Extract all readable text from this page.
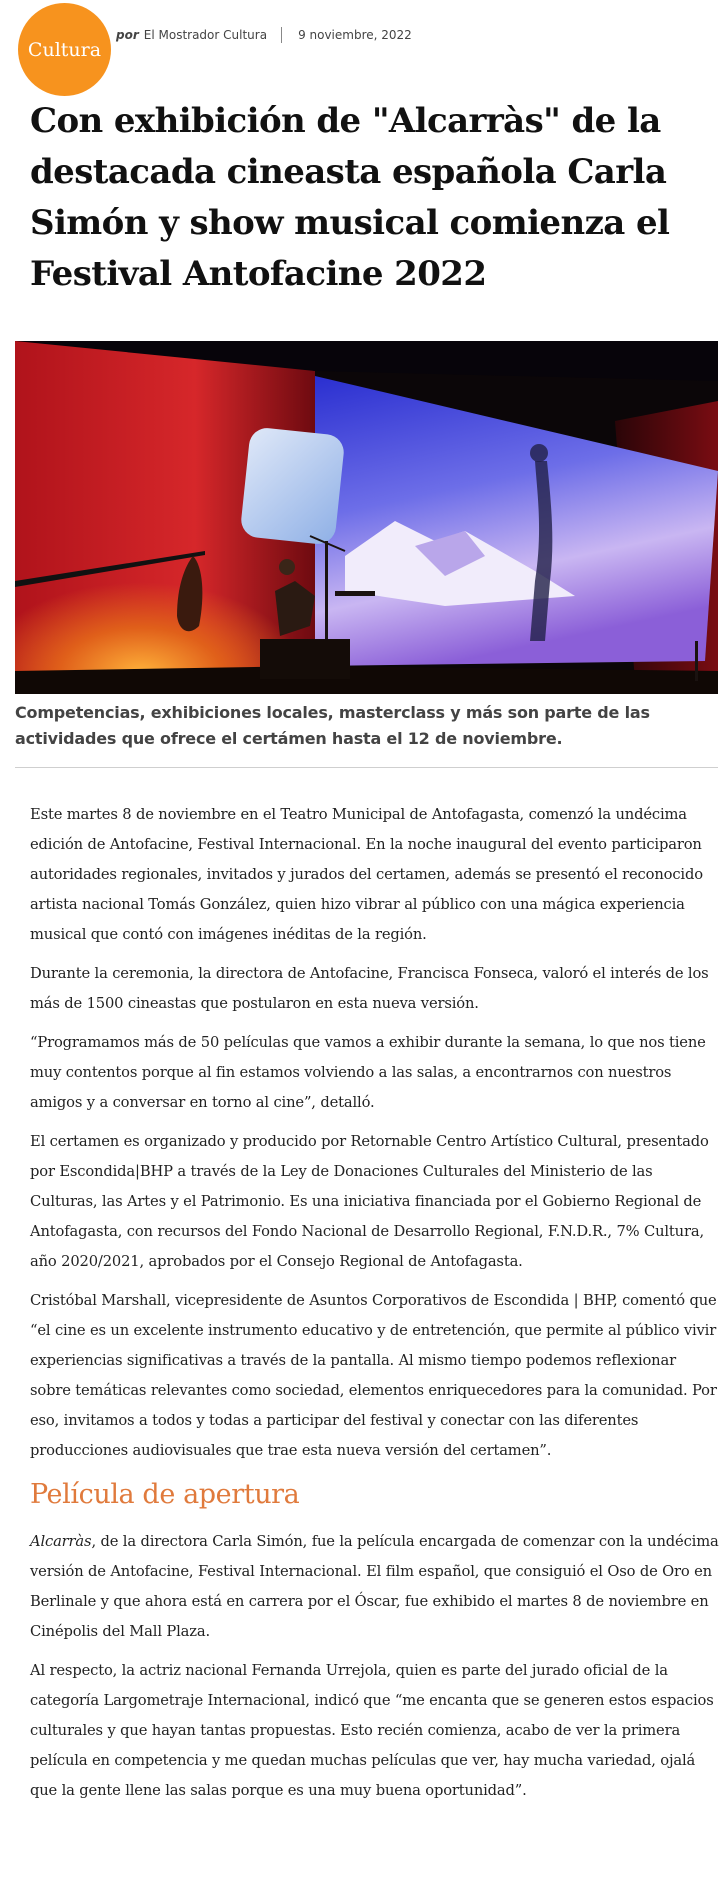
Cultura
por El Mostrador Cultura	9 noviembre, 2022
Con exhibición de "Alcarràs" de la destacada cineasta española Carla Simón y show musical comienza el Festival Antofacine 2022

Competencias, exhibiciones locales, masterclass y más son parte de las actividades que ofrece el certámen hasta el 12 de noviembre.

Este martes 8 de noviembre en el Teatro Municipal de Antofagasta, comenzó la undécima edición de Antofacine, Festival Internacional. En la noche inaugural del evento participaron autoridades regionales, invitados y jurados del certamen, además se presentó el reconocido artista nacional Tomás González, quien hizo vibrar al público con una mágica experiencia musical que contó con imágenes inéditas de la región.

Durante la ceremonia, la directora de Antofacine, Francisca Fonseca, valoró el interés de los más de 1500 cineastas que postularon en esta nueva versión.

“Programamos más de 50 películas que vamos a exhibir durante la semana, lo que nos tiene muy contentos porque al fin estamos volviendo a las salas, a encontrarnos con nuestros amigos y a conversar en torno al cine”, detalló.

El certamen es organizado y producido por Retornable Centro Artístico Cultural, presentado por Escondida|BHP a través de la Ley de Donaciones Culturales del Ministerio de las Culturas, las Artes y el Patrimonio. Es una iniciativa financiada por el Gobierno Regional de Antofagasta, con recursos del Fondo Nacional de Desarrollo Regional, F.N.D.R., 7% Cultura, año 2020/2021, aprobados por el Consejo Regional de Antofagasta.

Cristóbal Marshall, vicepresidente de Asuntos Corporativos de Escondida | BHP, comentó que “el cine es un excelente instrumento educativo y de entretención, que permite al público vivir experiencias significativas a través de la pantalla. Al mismo tiempo podemos reflexionar sobre temáticas relevantes como sociedad, elementos enriquecedores para la comunidad. Por eso, invitamos a todos y todas a participar del festival y conectar con las diferentes producciones audiovisuales que trae esta nueva versión del certamen”.

Película de apertura

Alcarràs, de la directora Carla Simón, fue la película encargada de comenzar con la undécima versión de Antofacine, Festival Internacional. El film español, que consiguió el Oso de Oro en Berlinale y que ahora está en carrera por el Óscar, fue exhibido el martes 8 de noviembre en Cinépolis del Mall Plaza.

Al respecto, la actriz nacional Fernanda Urrejola, quien es parte del jurado oficial de la categoría Largometraje Internacional, indicó que “me encanta que se generen estos espacios culturales y que hayan tantas propuestas. Esto recién comienza, acabo de ver la primera película en competencia y me quedan muchas películas que ver, hay mucha variedad, ojalá que la gente llene las salas porque es una muy buena oportunidad”.
